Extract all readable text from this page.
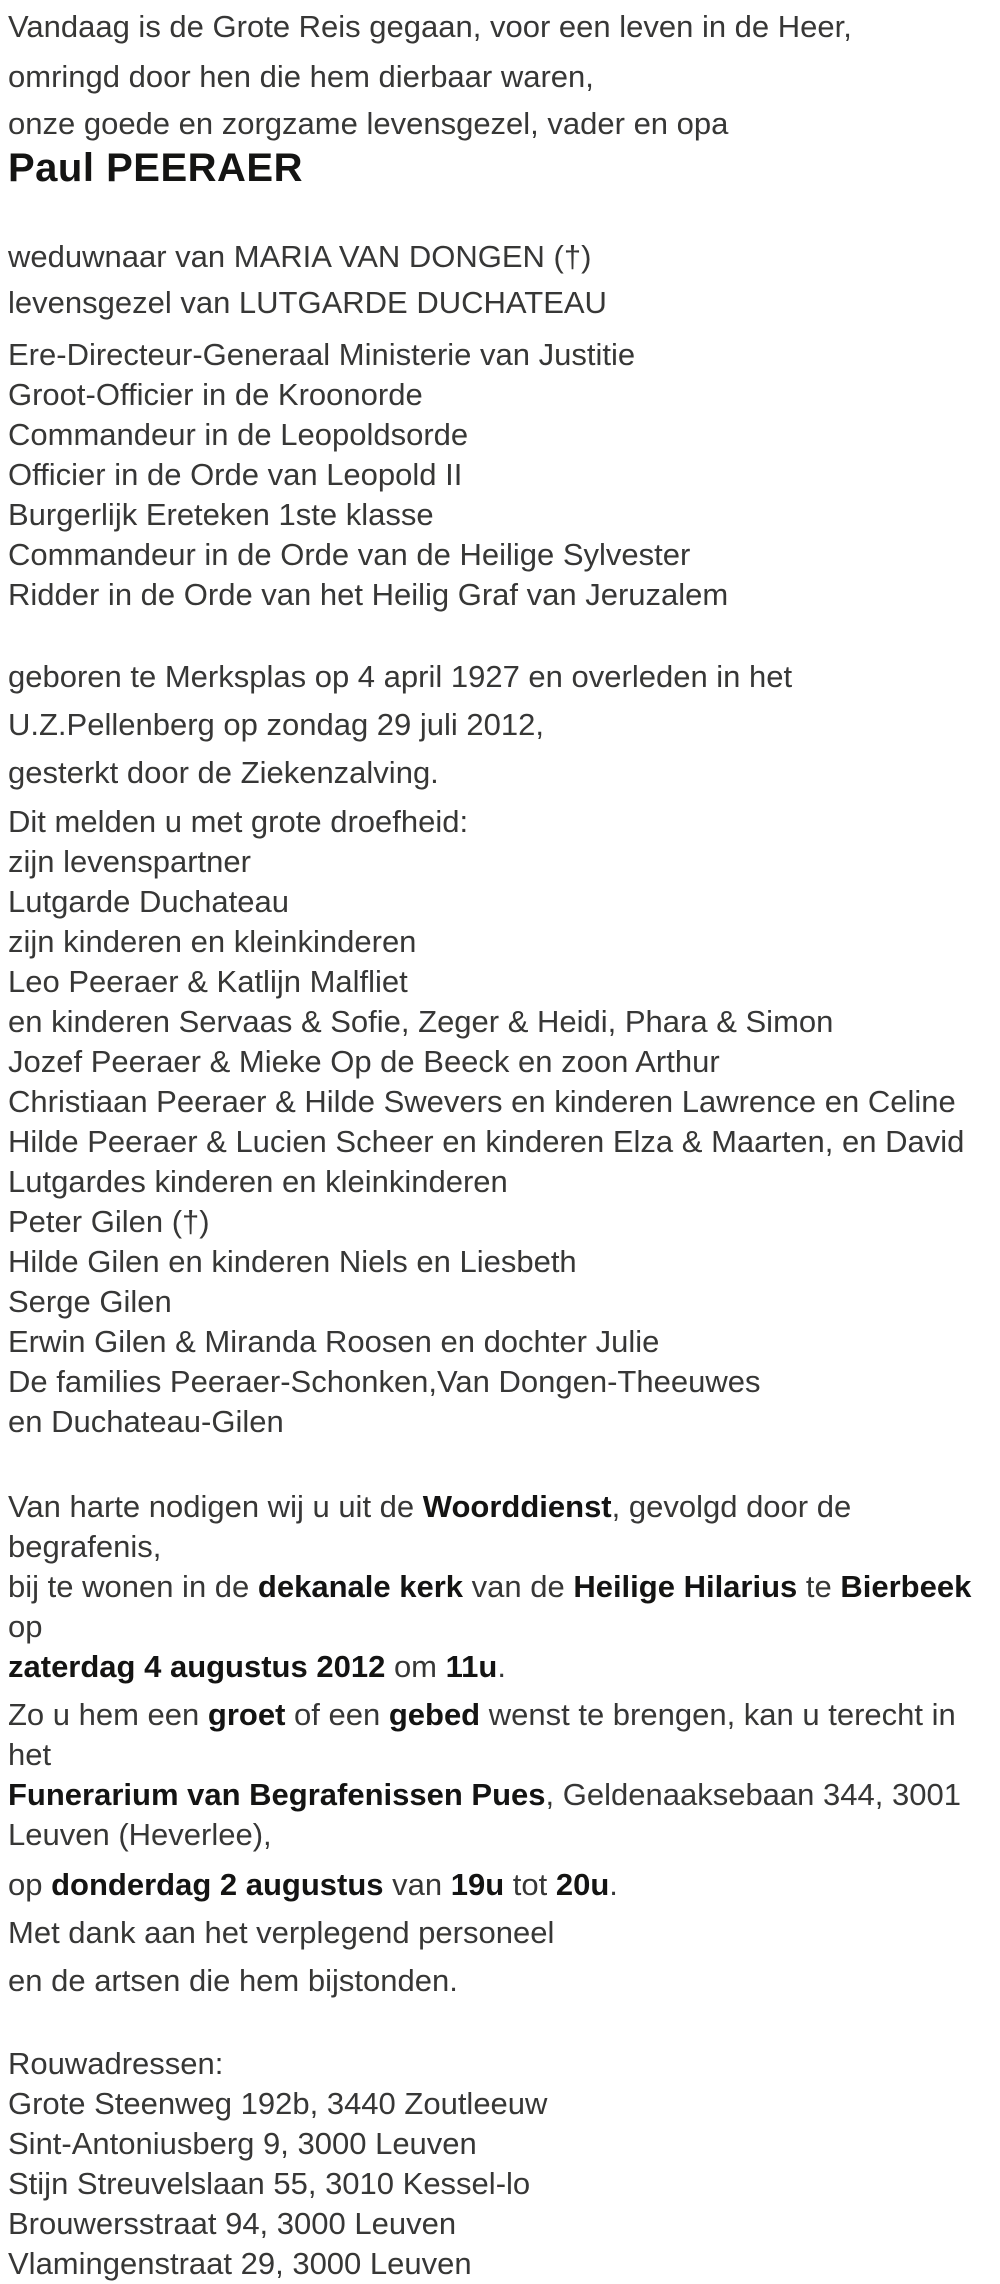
Vandaag is de Grote Reis gegaan, voor een leven in de Heer,

omringd door hen die hem dierbaar waren,

onze goede en zorgzame levensgezel, vader en opa

Paul PEERAER

weduwnaar van MARIA VAN DONGEN (†)

levensgezel van LUTGARDE DUCHATEAU

Ere-Directeur-Generaal Ministerie van Justitie
Groot-Officier in de Kroonorde
Commandeur in de Leopoldsorde
Officier in de Orde van Leopold II
Burgerlijk Ereteken 1ste klasse
Commandeur in de Orde van de Heilige Sylvester
Ridder in de Orde van het Heilig Graf van Jeruzalem

geboren te Merksplas op 4 april 1927 en overleden in het

U.Z.Pellenberg op zondag 29 juli 2012,

gesterkt door de Ziekenzalving.

Dit melden u met grote droefheid:
zijn levenspartner
Lutgarde Duchateau
zijn kinderen en kleinkinderen
Leo Peeraer & Katlijn Malfliet
en kinderen Servaas & Sofie, Zeger & Heidi, Phara & Simon
Jozef Peeraer & Mieke Op de Beeck en zoon Arthur
Christiaan Peeraer & Hilde Swevers en kinderen Lawrence en Celine
Hilde Peeraer & Lucien Scheer en kinderen Elza & Maarten, en David
Lutgardes kinderen en kleinkinderen
Peter Gilen (†)
Hilde Gilen en kinderen Niels en Liesbeth
Serge Gilen
Erwin Gilen & Miranda Roosen en dochter Julie
De families Peeraer-Schonken,Van Dongen-Theeuwes
en Duchateau-Gilen

Van harte nodigen wij u uit de Woorddienst, gevolgd door de begrafenis,
bij te wonen in de dekanale kerk van de Heilige Hilarius te Bierbeek op
zaterdag 4 augustus 2012 om 11u.

Zo u hem een groet of een gebed wenst te brengen, kan u terecht in het
Funerarium van Begrafenissen Pues, Geldenaaksebaan 344, 3001
Leuven (Heverlee),

op donderdag 2 augustus van 19u tot 20u.

Met dank aan het verplegend personeel

en de artsen die hem bijstonden.

Rouwadressen:
Grote Steenweg 192b, 3440 Zoutleeuw
Sint-Antoniusberg 9, 3000 Leuven
Stijn Streuvelslaan 55, 3010 Kessel-lo
Brouwersstraat 94, 3000 Leuven
Vlamingenstraat 29, 3000 Leuven
